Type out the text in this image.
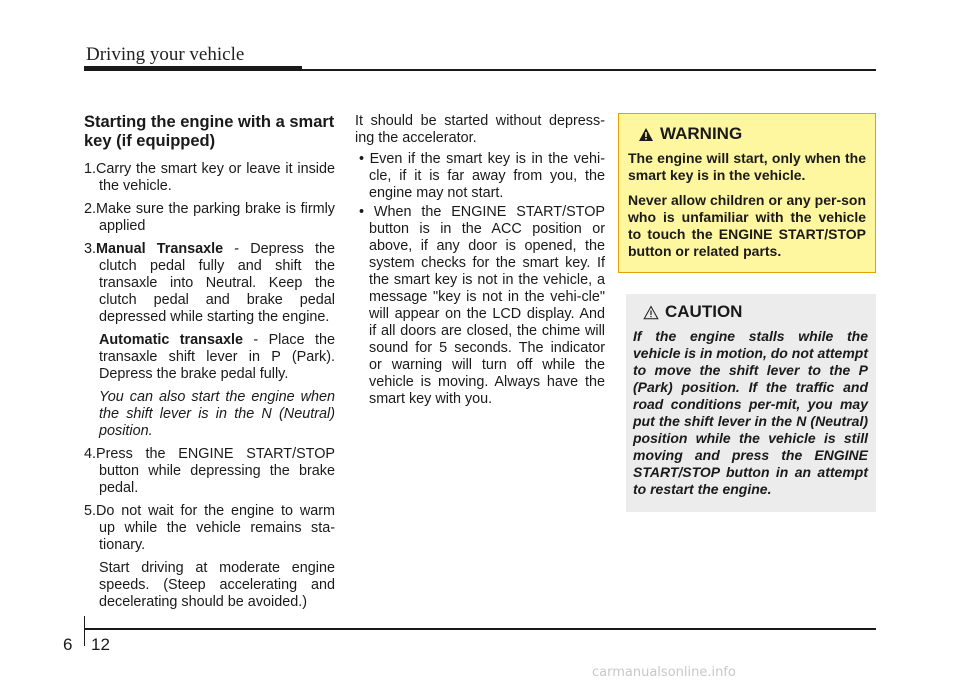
Driving your vehicle
Starting the engine with a smart key (if equipped)
1.Carry the smart key or leave it inside the vehicle.
2.Make sure the parking brake is firmly applied
3.Manual Transaxle - Depress the clutch pedal fully and shift the transaxle into Neutral. Keep the clutch pedal and brake pedal depressed while starting the engine.
Automatic transaxle - Place the transaxle shift lever in P (Park). Depress the brake pedal fully.
You can also start the engine when the shift lever is in the N (Neutral) position.
4.Press the ENGINE START/STOP button while depressing the brake pedal.
5.Do not wait for the engine to warm up while the vehicle remains sta-tionary.
Start driving at moderate engine speeds. (Steep accelerating and decelerating should be avoided.)
It should be started without depress-ing the accelerator.
• Even if the smart key is in the vehi-cle, if it is far away from you, the engine may not start.
• When the ENGINE START/STOP button is in the ACC position or above, if any door is opened, the system checks for the smart key. If the smart key is not in the vehicle, a message "key is not in the vehi-cle" will appear on the LCD display. And if all doors are closed, the chime will sound for 5 seconds. The indicator or warning will turn off while the vehicle is moving. Always have the smart key with you.
WARNING

The engine will start, only when the smart key is in the vehicle.

Never allow children or any per-son who is unfamiliar with the vehicle to touch the ENGINE START/STOP button or related parts.

CAUTION

If the engine stalls while the vehicle is in motion, do not attempt to move the shift lever to the P (Park) position. If the traffic and road conditions per-mit, you may put the shift lever in the N (Neutral) position while the vehicle is still moving and press the ENGINE START/STOP button in an attempt to restart the engine.

6 12
carmanualsonline.info
